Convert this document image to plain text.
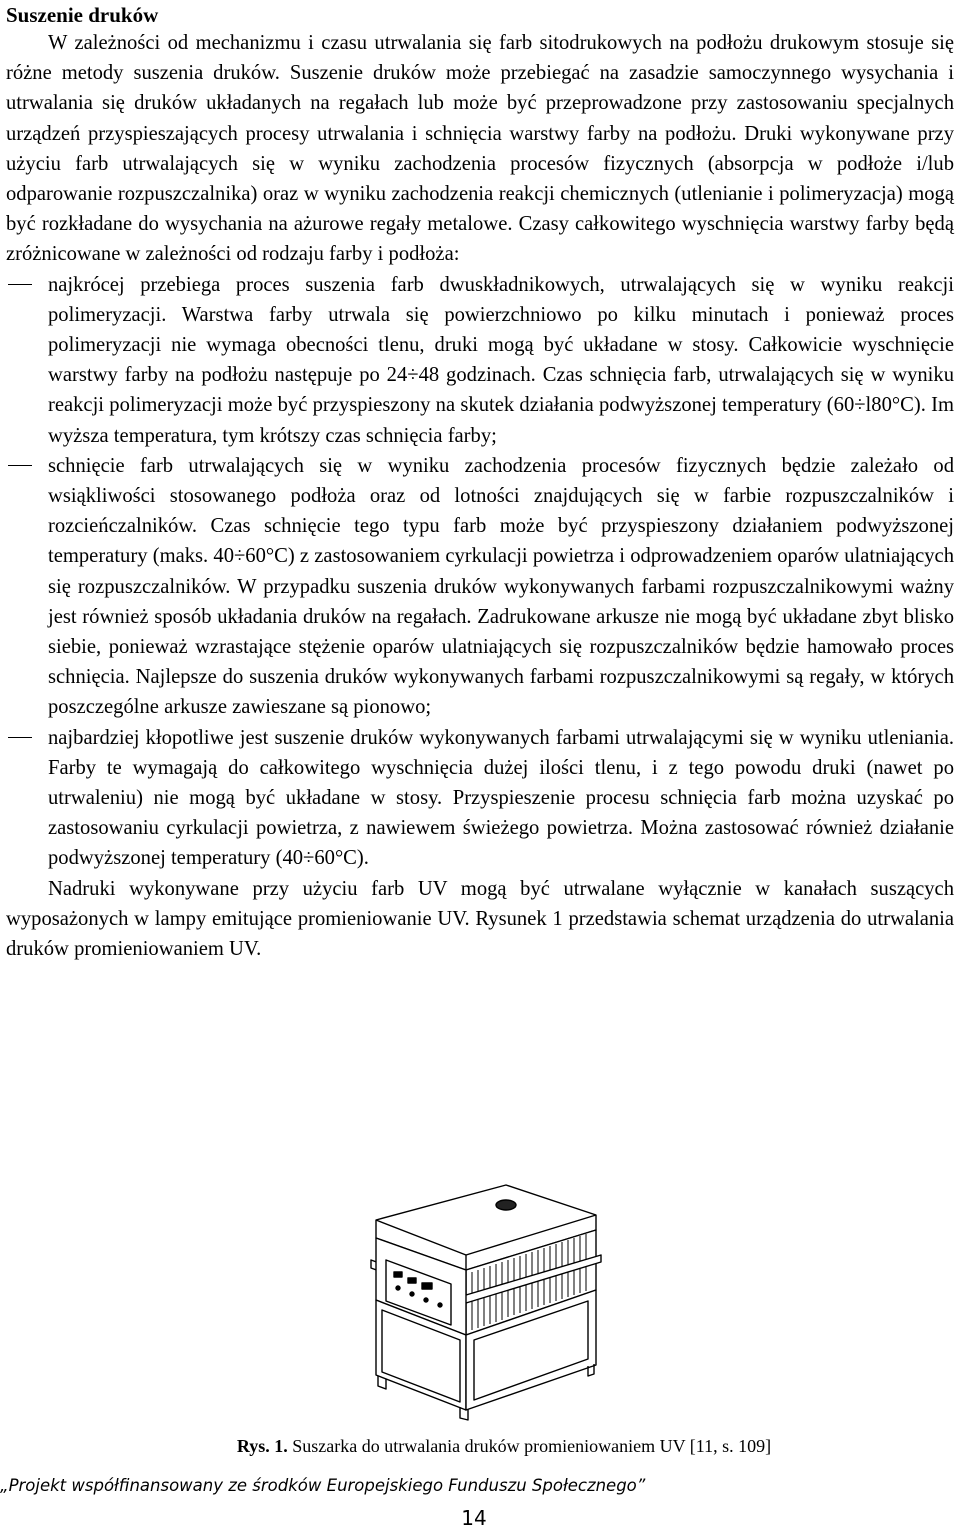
Suszenie druków

W zależności od mechanizmu i czasu utrwalania się farb sitodrukowych na podłożu drukowym stosuje się różne metody suszenia druków. Suszenie druków może przebiegać na zasadzie samoczynnego wysychania i utrwalania się druków układanych na regałach lub może być przeprowadzone przy zastosowaniu specjalnych urządzeń przyspieszających procesy utrwalania i schnięcia warstwy farby na podłożu. Druki wykonywane przy użyciu farb utrwalających się w wyniku zachodzenia procesów fizycznych (absorpcja w podłoże i/lub odparowanie rozpuszczalnika) oraz w wyniku zachodzenia reakcji chemicznych (utlenianie i polimeryzacja) mogą być rozkładane do wysychania na ażurowe regały metalowe. Czasy całkowitego wyschnięcia warstwy farby będą zróżnicowane w zależności od rodzaju farby i podłoża:

najkrócej przebiega proces suszenia farb dwuskładnikowych, utrwalających się w wyniku reakcji polimeryzacji. Warstwa farby utrwala się powierzchniowo po kilku minutach i ponieważ proces polimeryzacji nie wymaga obecności tlenu, druki mogą być układane w stosy. Całkowicie wyschnięcie warstwy farby na podłożu następuje po 24÷48 godzinach. Czas schnięcia farb, utrwalających się w wyniku reakcji polimeryzacji może być przyspieszony na skutek działania podwyższonej temperatury (60÷l80°C). Im wyższa temperatura, tym krótszy czas schnięcia farby;
schnięcie farb utrwalających się w wyniku zachodzenia procesów fizycznych będzie zależało od wsiąkliwości stosowanego podłoża oraz od lotności znajdujących się w farbie rozpuszczalników i rozcieńczalników. Czas schnięcie tego typu farb może być przyspieszony działaniem podwyższonej temperatury (maks. 40÷60°C) z zastosowaniem cyrkulacji powietrza i odprowadzeniem oparów ulatniających się rozpuszczalników. W przypadku suszenia druków wykonywanych farbami rozpuszczalnikowymi ważny jest również sposób układania druków na regałach. Zadrukowane arkusze nie mogą być układane zbyt blisko siebie, ponieważ wzrastające stężenie oparów ulatniających się rozpuszczalników będzie hamowało proces schnięcia. Najlepsze do suszenia druków wykonywanych farbami rozpuszczalnikowymi są regały, w których poszczególne arkusze zawieszane są pionowo;
najbardziej kłopotliwe jest suszenie druków wykonywanych farbami utrwalającymi się w wyniku utleniania. Farby te wymagają do całkowitego wyschnięcia dużej ilości tlenu, i z tego powodu druki (nawet po utrwaleniu) nie mogą być układane w stosy. Przyspieszenie procesu schnięcia farb można uzyskać po zastosowaniu cyrkulacji powietrza, z nawiewem świeżego powietrza. Można zastosować również działanie podwyższonej temperatury (40÷60°C).

Nadruki wykonywane przy użyciu farb UV mogą być utrwalane wyłącznie w kanałach suszących wyposażonych w lampy emitujące promieniowanie UV. Rysunek 1 przedstawia schemat urządzenia do utrwalania druków promieniowaniem UV.

Rys. 1. Suszarka do utrwalania druków promieniowaniem UV [11, s. 109]
„Projekt współfinansowany ze środków Europejskiego Funduszu Społecznego”
14
